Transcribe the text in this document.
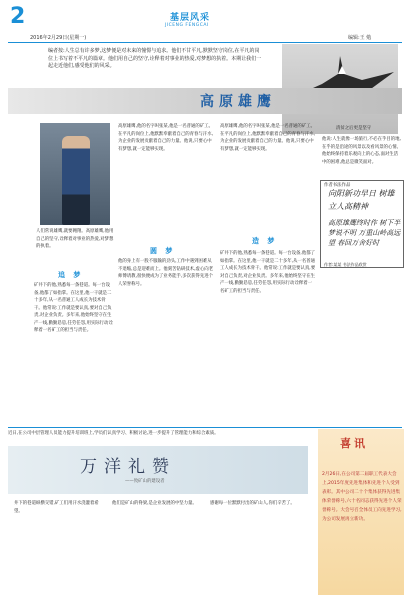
2
2016年2月29日(星期一)
基层风采
JICENG FENGCAI
编辑:王 勉
编者按:人生总有许多梦,这梦便是对未来的憧憬与追求。他们不甘平凡,默默坚守岗位,在平凡的岗位上书写着不平凡的篇章。他们用自己的坚守,诠释着对事业的热爱,对梦想的执着。本期让我们一起走近他们,感受他们的风采。
高原雄鹰
人们常说雄鹰,就要翱翔。高原雄鹰,他用自己的坚守,诠释着对事业的热爱,对梦想的执着。
追 梦
矿井下的他,熟悉每一条巷道。每一台设备,他都了如指掌。在这里,他一干就是二十多年,从一名普通工人成长为技术骨干。他常说:工作就是要认真,要对自己负责,对企业负责。多年来,他始终坚守在生产一线,勤勤恳恳,任劳任怨,用实际行动诠释着一名矿工的担当与责任。
高原雄鹰,他的名字叫张某,他是一名普通的矿工。在平凡的岗位上,他默默奉献着自己的青春与汗水,为企业的发展贡献着自己的力量。他说,只要心中有梦想,就一定能够实现。
圆 梦
他的身上有一股不服输的劲头,工作中遇到困难从不退缩,总是迎难而上。他刻苦钻研技术,虚心向老师傅请教,很快便成为了业务能手,多次获得先进个人荣誉称号。
高原雄鹰,他的名字叫张某,他是一名普通的矿工。在平凡的岗位上,他默默奉献着自己的青春与汗水,为企业的发展贡献着自己的力量。他说,只要心中有梦想,就一定能够实现。
造 梦
矿井下的他,熟悉每一条巷道。每一台设备,他都了如指掌。在这里,他一干就是二十多年,从一名普通工人成长为技术骨干。他常说:工作就是要认真,要对自己负责,对企业负责。多年来,他始终坚守在生产一线,勤勤恳恳,任劳任怨,用实际行动诠释着一名矿工的担当与责任。
清贫之后更是坚守
他说:人生就像一场旅行,不必在乎目的地,在乎的是沿途的风景以及看风景的心情。他始终保持着乐观向上的心态,面对生活中的困难,他总是微笑面对。
作者书法作品
向阳新功早日 树雄立人高精神
高原雄鹰终时作 树下半梦说不明 万重山岭高远望 春回万舍好时
作者:某某 书法作品欣赏
近日,在公司中层管理人员能力提升培训班上,学员们认真学习、积极讨论,进一步提升了管理能力和综合素质。
万洋礼赞
——致矿山的建设者
井下的巷道纵横交错,矿工们用汗水浇灌着希望。
他们是矿山的脊梁,是企业发展的中坚力量。	感谢每一位默默付出的矿山人,你们辛苦了。
喜讯
2月26日,在公司第二届职工代表大会上,2015年度先进集体和先进个人受到表彰。其中公司二十个集体获得先进集体荣誉称号,六十名同志获得先进个人荣誉称号。大会号召全体员工向先进学习,为公司发展再立新功。
